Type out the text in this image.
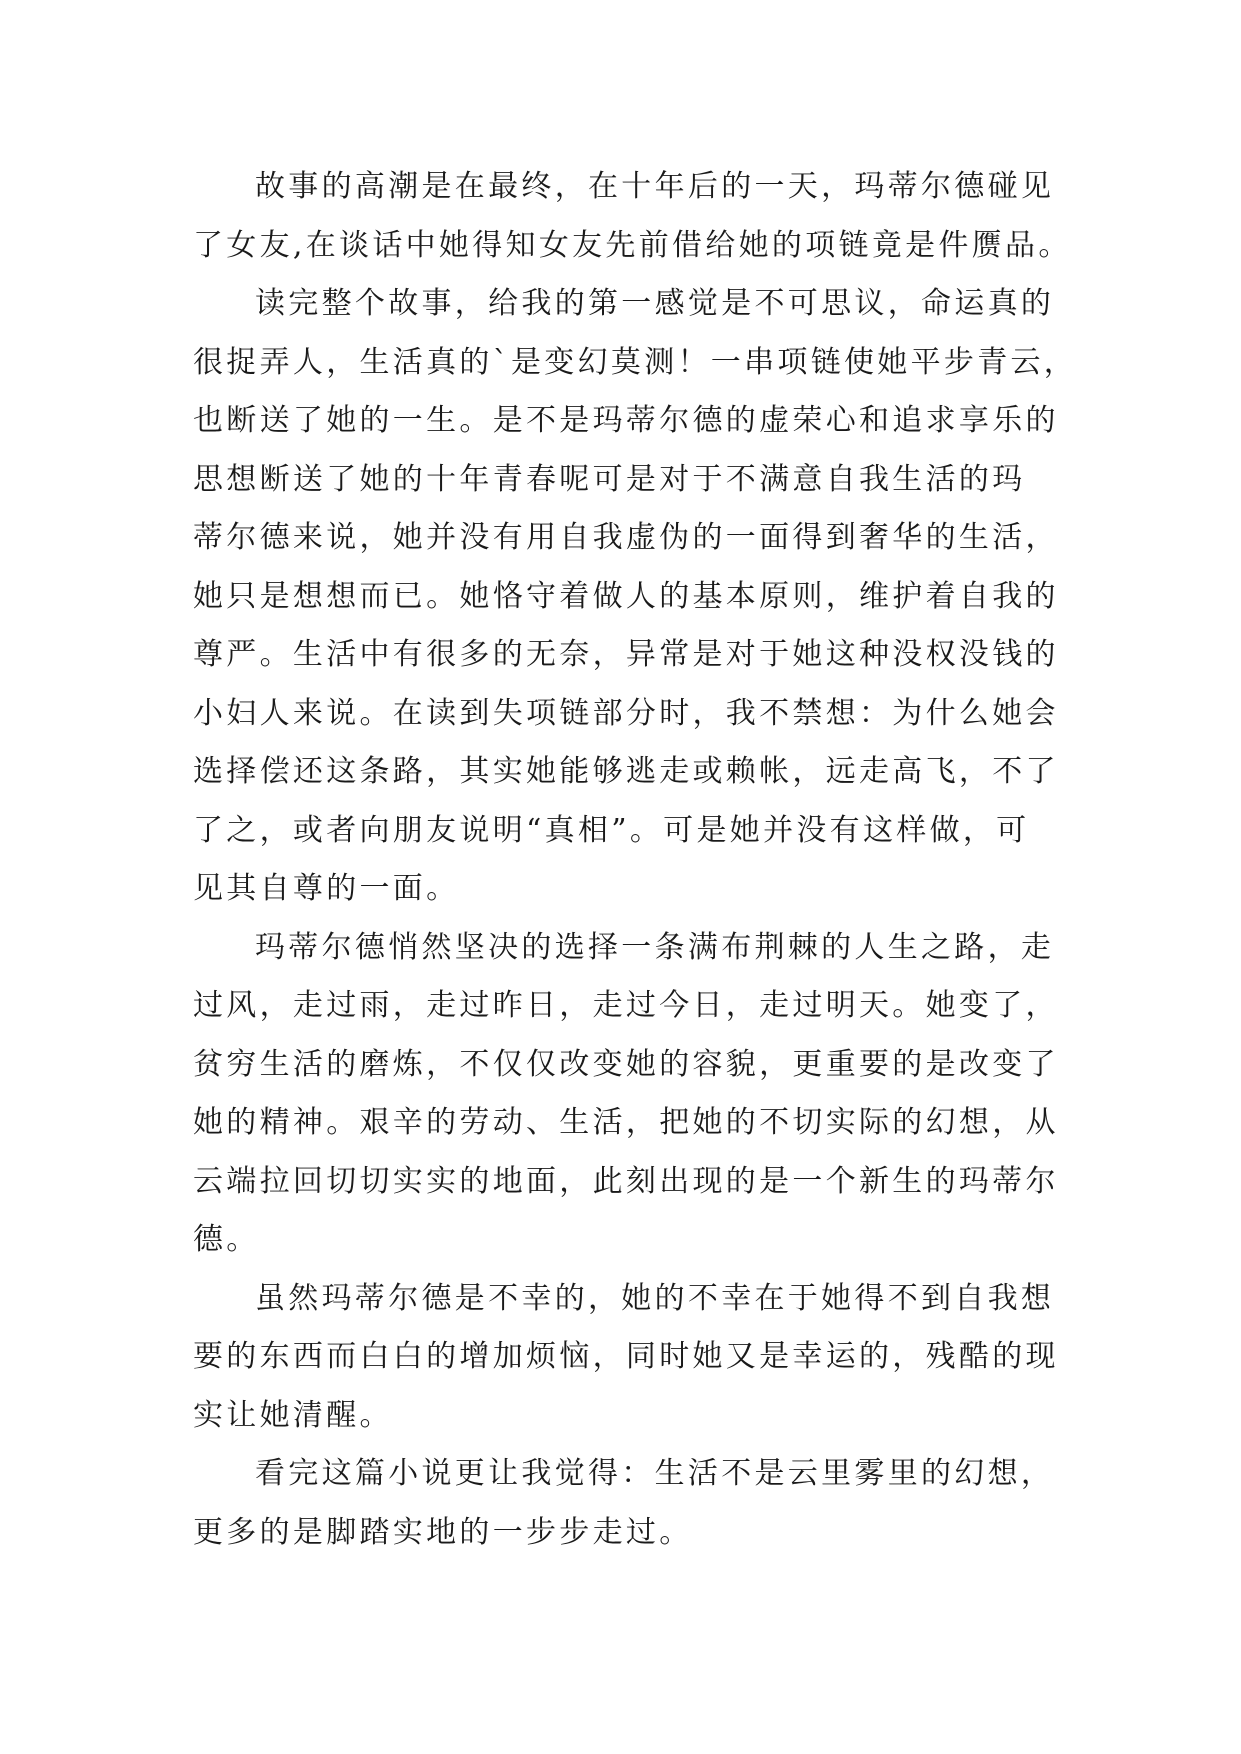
故事的高潮是在最终，在十年后的一天，玛蒂尔德碰见
了女友,在谈话中她得知女友先前借给她的项链竟是件赝品。
读完整个故事，给我的第一感觉是不可思议，命运真的
很捉弄人，生活真的`是变幻莫测！一串项链使她平步青云，
也断送了她的一生。是不是玛蒂尔德的虚荣心和追求享乐的
思想断送了她的十年青春呢可是对于不满意自我生活的玛
蒂尔德来说，她并没有用自我虚伪的一面得到奢华的生活，
她只是想想而已。她恪守着做人的基本原则，维护着自我的
尊严。生活中有很多的无奈，异常是对于她这种没权没钱的
小妇人来说。在读到失项链部分时，我不禁想：为什么她会
选择偿还这条路，其实她能够逃走或赖帐，远走高飞，不了
了之，或者向朋友说明“真相”。可是她并没有这样做，可
见其自尊的一面。
玛蒂尔德悄然坚决的选择一条满布荆棘的人生之路，走
过风，走过雨，走过昨日，走过今日，走过明天。她变了，
贫穷生活的磨炼，不仅仅改变她的容貌，更重要的是改变了
她的精神。艰辛的劳动、生活，把她的不切实际的幻想，从
云端拉回切切实实的地面，此刻出现的是一个新生的玛蒂尔
德。
虽然玛蒂尔德是不幸的，她的不幸在于她得不到自我想
要的东西而白白的增加烦恼，同时她又是幸运的，残酷的现
实让她清醒。
看完这篇小说更让我觉得：生活不是云里雾里的幻想，
更多的是脚踏实地的一步步走过。
